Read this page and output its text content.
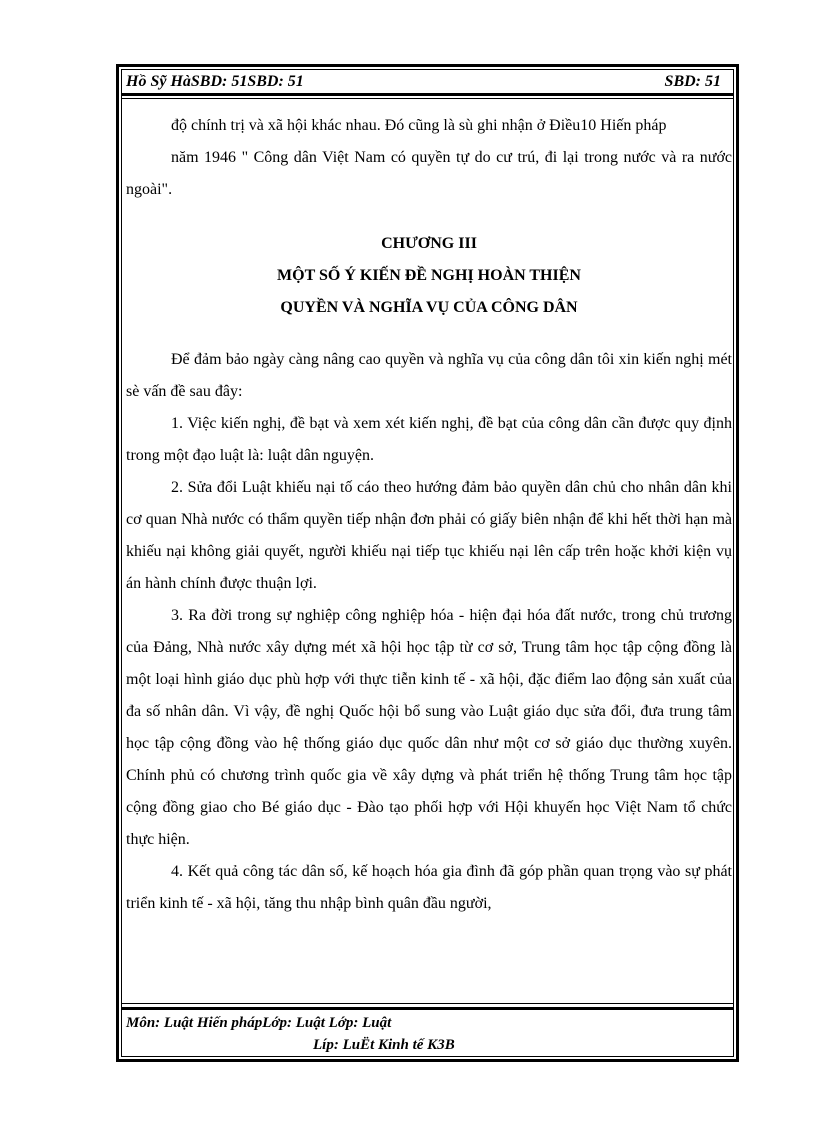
Hồ Sỹ HàSBD: 51SBD: 51	SBD: 51

độ chính trị và xã hội khác nhau. Đó cũng là sù ghi nhận ở Điều10 Hiến pháp

năm 1946 " Công dân Việt Nam có quyền tự do cư trú, đi lại trong nước và ra nước ngoài".

CHƯƠNG III

MỘT SỐ Ý KIẾN ĐỀ NGHỊ HOÀN THIỆN

QUYỀN VÀ NGHĨA VỤ CỦA CÔNG DÂN

Để đảm bảo ngày càng nâng cao quyền và nghĩa vụ của công dân tôi xin kiến nghị mét sè vấn đề sau đây:

1. Việc kiến nghị, đề bạt và xem xét kiến nghị, đề bạt của công dân cần được quy định trong một đạo luật là: luật dân nguyện.

2. Sửa đổi Luật khiếu nại tố cáo theo hướng đảm bảo quyền dân chủ cho nhân dân khi cơ quan Nhà nước có thẩm quyền tiếp nhận đơn phải có giấy biên nhận để khi hết thời hạn mà khiếu nại không giải quyết, người khiếu nại tiếp tục khiếu nại lên cấp trên hoặc khởi kiện vụ án hành chính được thuận lợi.

3. Ra đời trong sự nghiệp công nghiệp hóa - hiện đại hóa đất nước, trong chủ trương của Đảng, Nhà nước xây dựng mét xã hội học tập từ cơ sở, Trung tâm học tập cộng đồng là một loại hình giáo dục phù hợp với thực tiễn kinh tế - xã hội, đặc điểm lao động sản xuất của đa số nhân dân. Vì vậy, đề nghị Quốc hội bổ sung vào Luật giáo dục sửa đổi, đưa trung tâm học tập cộng đồng vào hệ thống giáo dục quốc dân như một cơ sở giáo dục thường xuyên. Chính phủ có chương trình quốc gia về xây dựng và phát triển hệ thống Trung tâm học tập cộng đồng giao cho Bé giáo dục - Đào tạo phối hợp với Hội khuyến học Việt Nam tổ chức thực hiện.

4. Kết quả công tác dân số, kế hoạch hóa gia đình đã góp phần quan trọng vào sự phát triển kinh tế - xã hội, tăng thu nhập bình quân đầu người,

Môn: Luật Hiến phápLớp: Luật Lớp: Luật
Líp: LuËt Kinh tế K3B
